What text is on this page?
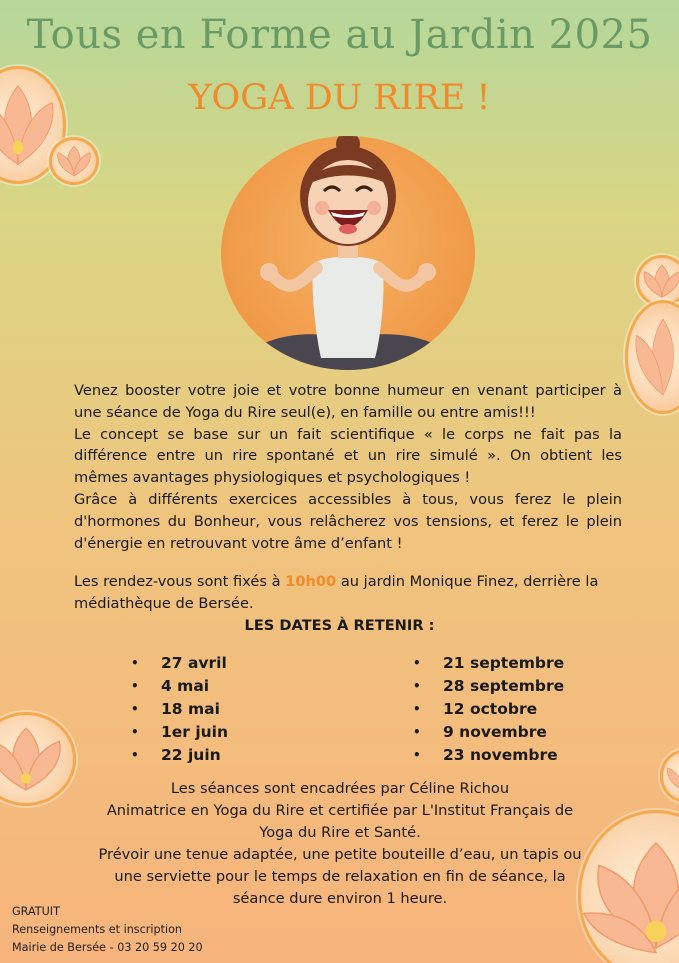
Tous en Forme au Jardin 2025
YOGA DU RIRE !

Venez booster votre joie et votre bonne humeur en venant participer à une séance de Yoga du Rire seul(e), en famille ou entre amis!!!

Le concept se base sur un fait scientifique « le corps ne fait pas la différence entre un rire spontané et un rire simulé ». On obtient les mêmes avantages physiologiques et psychologiques !

Grâce à différents exercices accessibles à tous, vous ferez le plein d'hormones du Bonheur, vous relâcherez vos tensions, et ferez le plein d'énergie en retrouvant votre âme d’enfant !

Les rendez-vous sont fixés à 10h00 au jardin Monique Finez, derrière la médiathèque de Bersée.
LES DATES À RETENIR :
• 27 avril
• 4 mai
• 18 mai
• 1er juin
• 22 juin
• 21 septembre
• 28 septembre
• 12 octobre
• 9 novembre
• 23 novembre

Les séances sont encadrées par Céline Richou

Animatrice en Yoga du Rire et certifiée par L'Institut Français de Yoga du Rire et Santé.

Prévoir une tenue adaptée, une petite bouteille d’eau, un tapis ou une serviette pour le temps de relaxation en fin de séance, la séance dure environ 1 heure.

GRATUIT
Renseignements et inscription
Mairie de Bersée - 03 20 59 20 20
